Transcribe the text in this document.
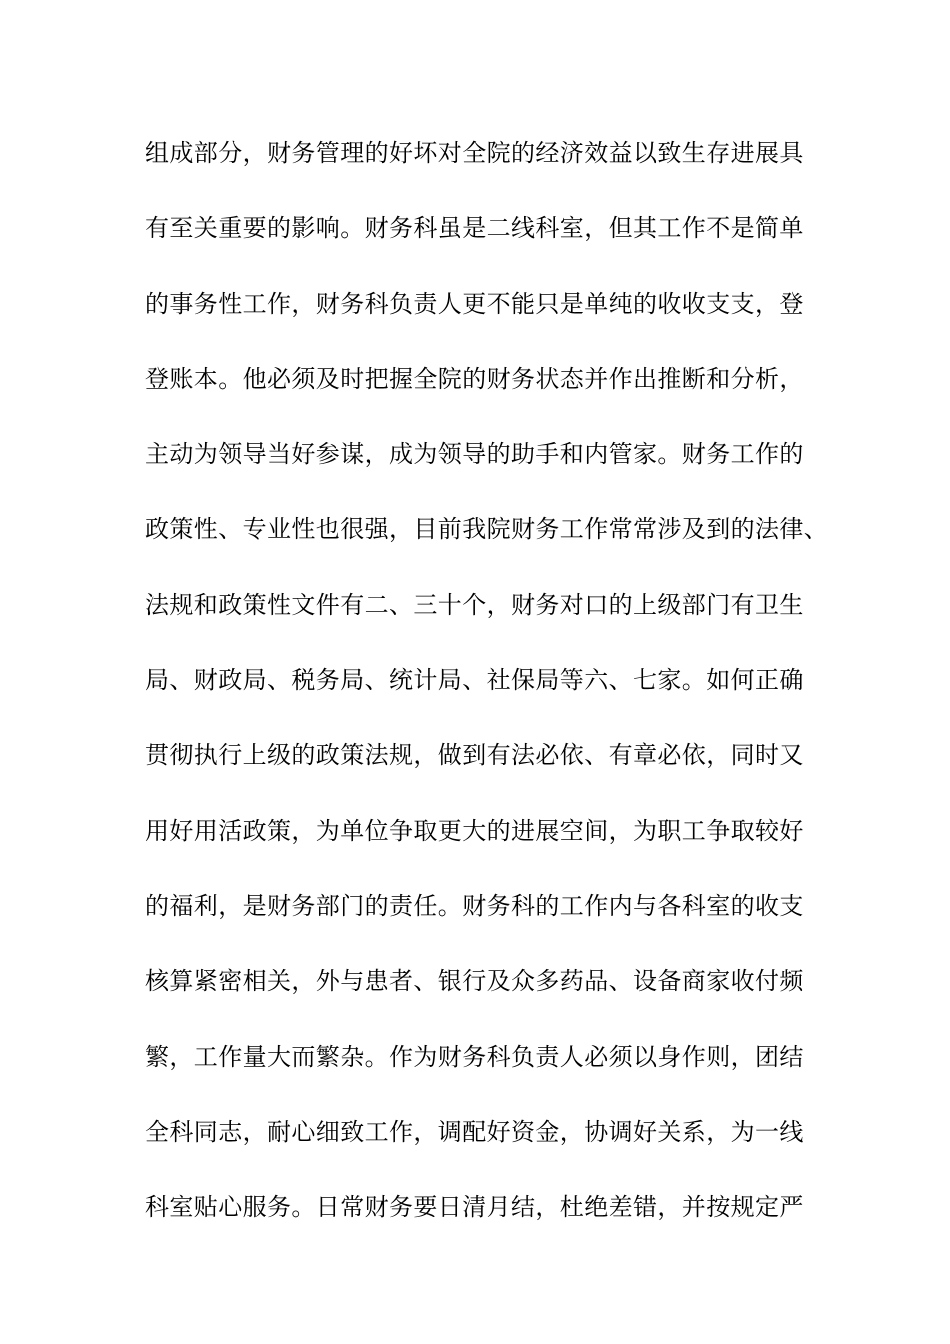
组成部分，财务管理的好坏对全院的经济效益以致生存进展具
有至关重要的影响。财务科虽是二线科室，但其工作不是简单
的事务性工作，财务科负责人更不能只是单纯的收收支支，登
登账本。他必须及时把握全院的财务状态并作出推断和分析，
主动为领导当好参谋，成为领导的助手和内管家。财务工作的
政策性、专业性也很强，目前我院财务工作常常涉及到的法律、
法规和政策性文件有二、三十个，财务对口的上级部门有卫生
局、财政局、税务局、统计局、社保局等六、七家。如何正确
贯彻执行上级的政策法规，做到有法必依、有章必依，同时又
用好用活政策，为单位争取更大的进展空间，为职工争取较好
的福利，是财务部门的责任。财务科的工作内与各科室的收支
核算紧密相关，外与患者、银行及众多药品、设备商家收付频
繁，工作量大而繁杂。作为财务科负责人必须以身作则，团结
全科同志，耐心细致工作，调配好资金，协调好关系，为一线
科室贴心服务。日常财务要日清月结，杜绝差错，并按规定严
